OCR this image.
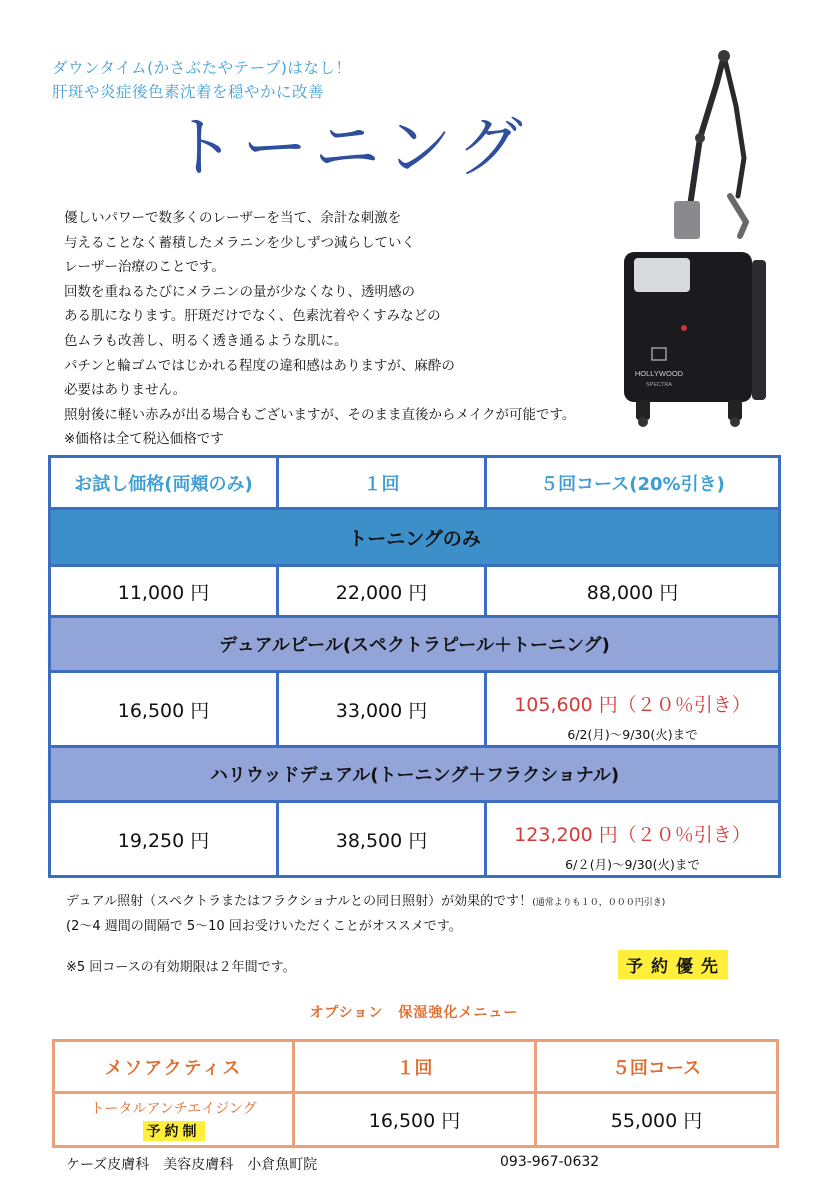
ダウンタイム(かさぶたやテープ)はなし！
肝斑や炎症後色素沈着を穏やかに改善
トーニング

優しいパワーで数多くのレーザーを当て、余計な刺激を

与えることなく蓄積したメラニンを少しずつ減らしていく

レーザー治療のことです。

回数を重ねるたびにメラニンの量が少なくなり、透明感の

ある肌になります。肝斑だけでなく、色素沈着やくすみなどの

色ムラも改善し、明るく透き通るような肌に。

パチンと輪ゴムではじかれる程度の違和感はありますが、麻酔の

必要はありません。

照射後に軽い赤みが出る場合もございますが、そのまま直後からメイクが可能です。

※価格は全て税込価格です

HOLLYWOOD
SPECTRA
お試し価格(両頬のみ)	１回	５回コース(20%引き)
トーニングのみ		
11,000 円	22,000 円	88,000 円
デュアルピール(スペクトラピール＋トーニング)		
16,500 円	33,000 円	105,600 円（２０％引き）
6/2(月)～9/30(火)まで

ハリウッドデュアル(トーニング＋フラクショナル)		
19,250 円	38,500 円	123,200 円（２０％引き）
6/２(月)～9/30(火)まで
デュアル照射（スペクトラまたはフラクショナルとの同日照射）が効果的です！(通常よりも１０，０００円引き)
(2～4 週間の間隔で 5～10 回お受けいただくことがオススメです。
※5 回コースの有効期限は２年間です。	予約優先
オプション　保湿強化メニュー
メソアクティス	１回	５回コース

トータルアンチエイジング
予約制	16,500 円	55,000 円
ケーズ皮膚科　美容皮膚科　小倉魚町院	093-967-0632
